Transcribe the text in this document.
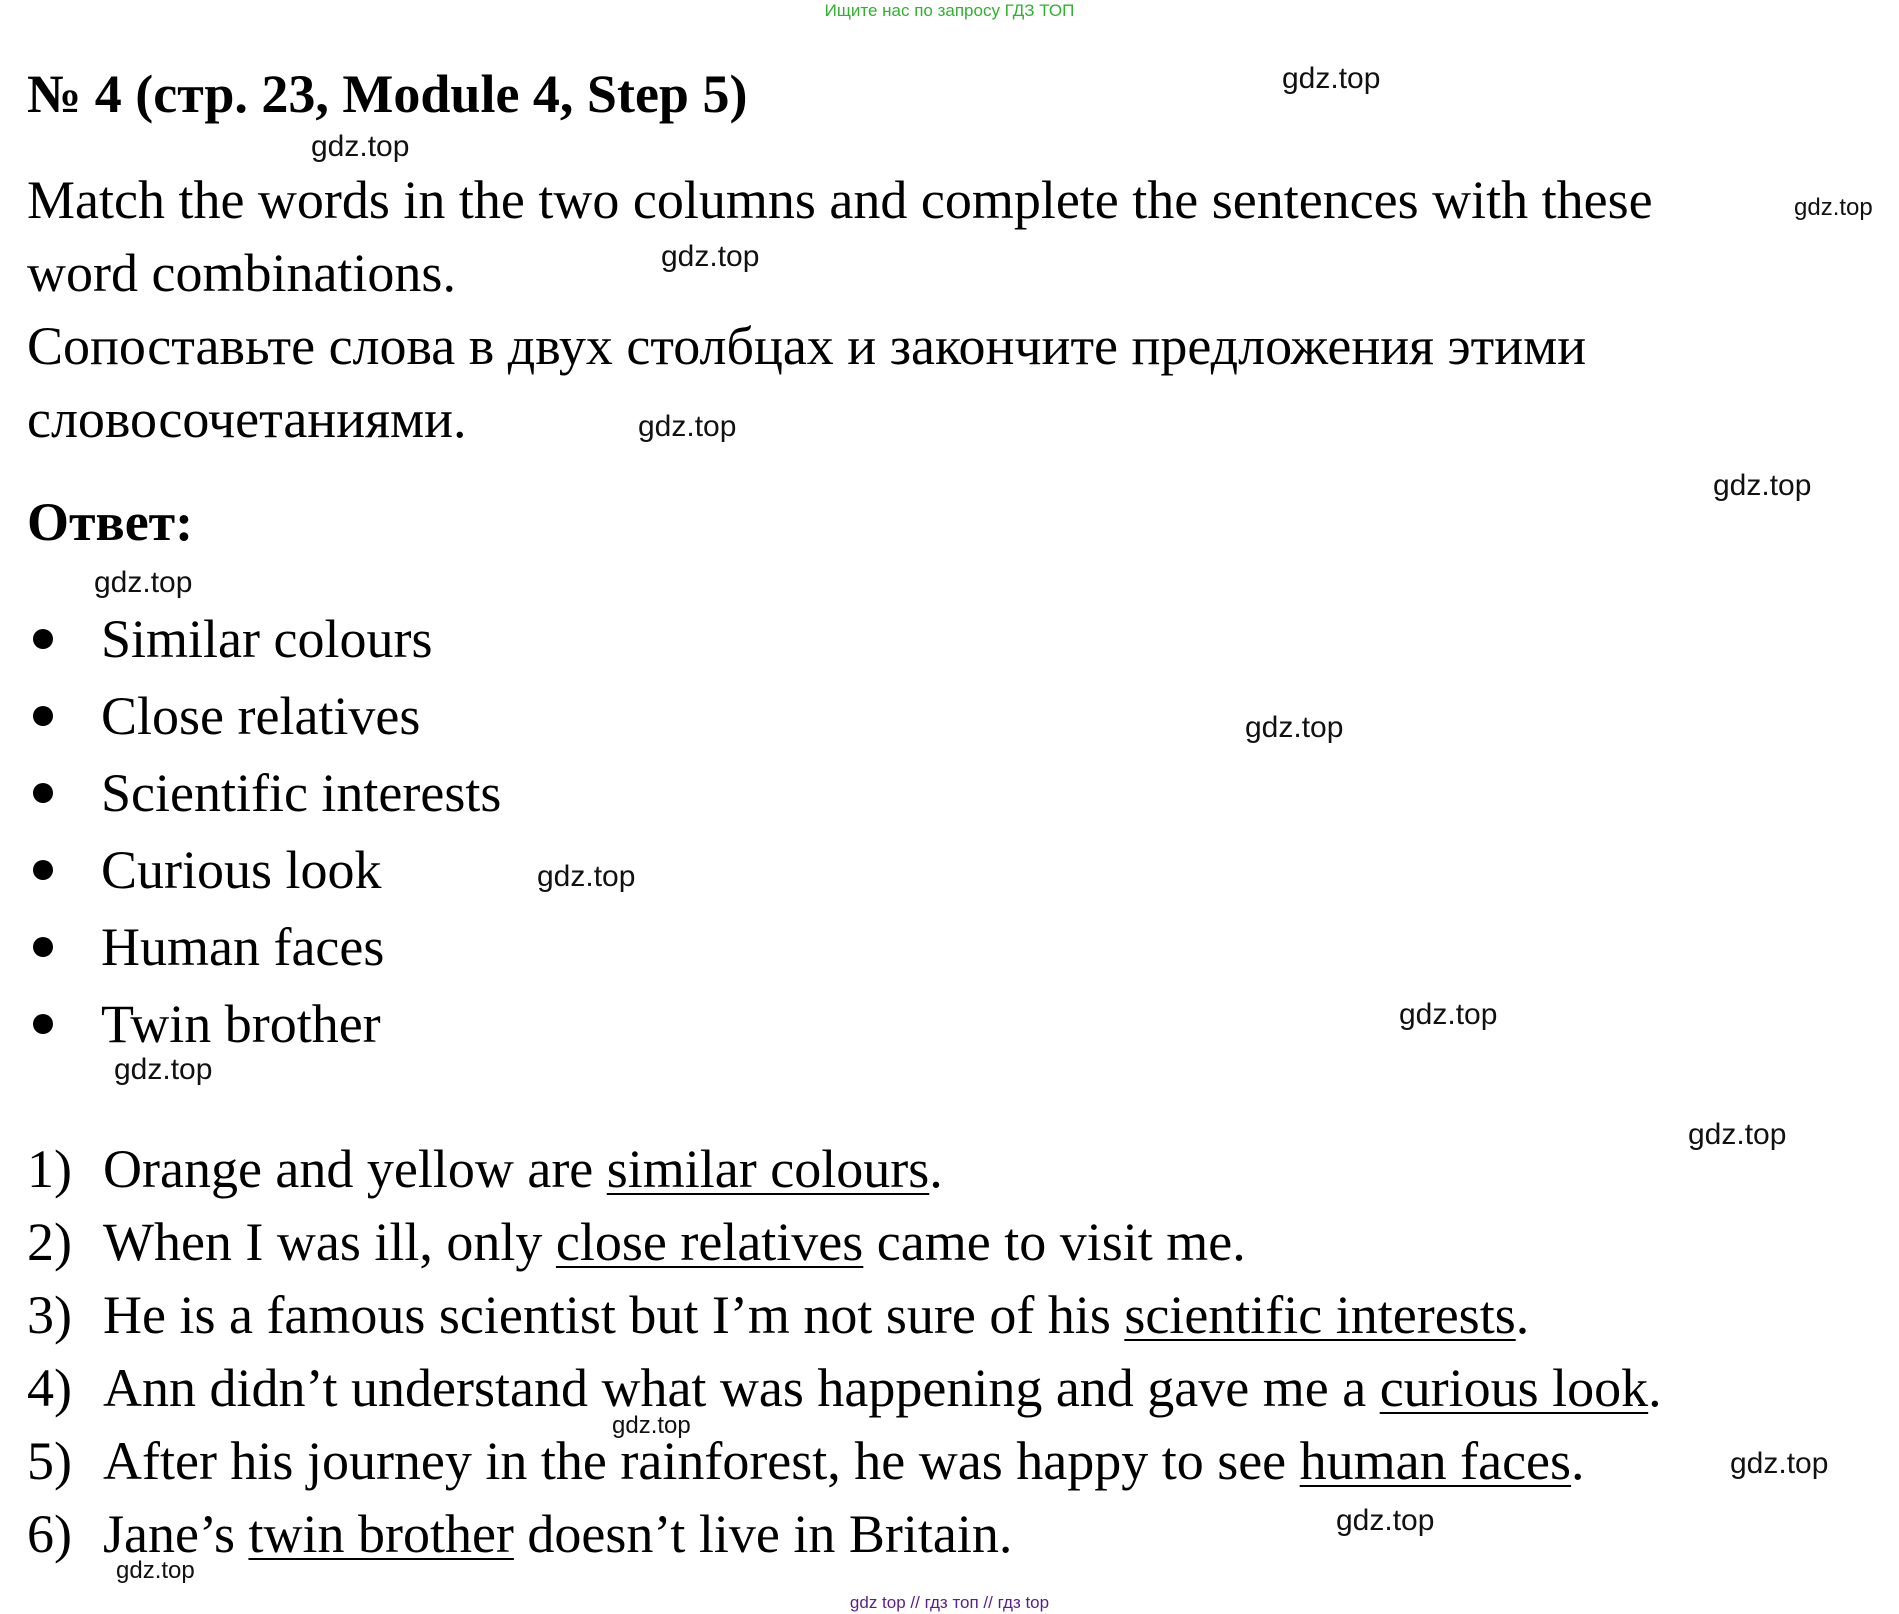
Ищите нас по запросу ГДЗ ТОП
№ 4 (стр. 23, Module 4, Step 5)
Match the words in the two columns and complete the sentences with these
word combinations.
Сопоставьте слова в двух столбцах и закончите предложения этими
словосочетаниями.
Ответ:
Similar colours
Close relatives
Scientific interests
Curious look
Human faces
Twin brother
1) Orange and yellow are similar colours.
2) When I was ill, only close relatives came to visit me.
3) He is a famous scientist but I’m not sure of his scientific interests.
4) Ann didn’t understand what was happening and gave me a curious look.
5) After his journey in the rainforest, he was happy to see human faces.
6) Jane’s twin brother doesn’t live in Britain.
gdz.top
gdz.top
gdz.top
gdz.top
gdz.top
gdz.top
gdz.top
gdz.top
gdz.top
gdz.top
gdz.top
gdz.top
gdz.top
gdz.top
gdz.top
gdz.top
gdz top // гдз топ // гдз top
